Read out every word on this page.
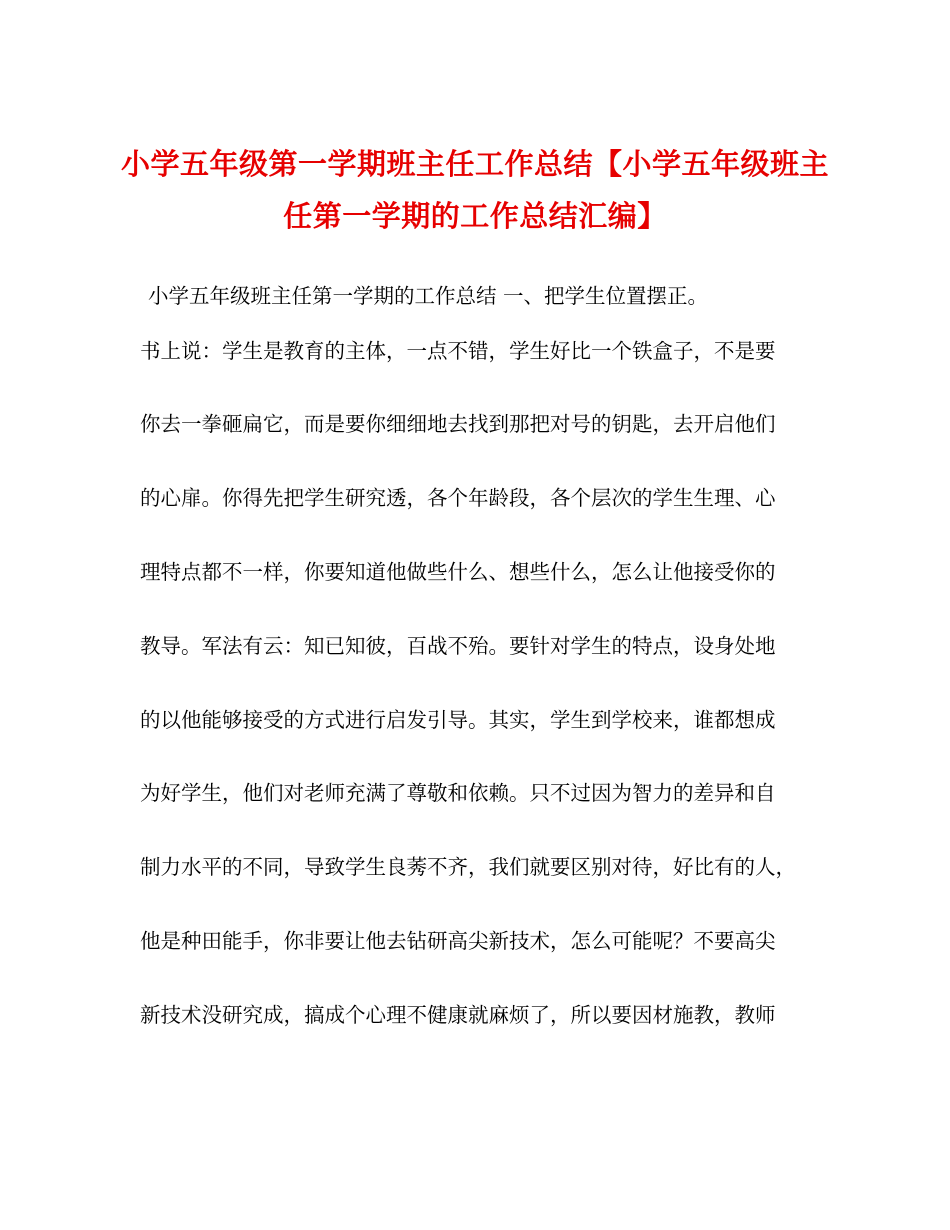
小学五年级第一学期班主任工作总结【小学五年级班主
任第一学期的工作总结汇编】
小学五年级班主任第一学期的工作总结 一、把学生位置摆正。
书上说：学生是教育的主体，一点不错，学生好比一个铁盒子，不是要
你去一拳砸扁它，而是要你细细地去找到那把对号的钥匙，去开启他们
的心扉。你得先把学生研究透，各个年龄段，各个层次的学生生理、心
理特点都不一样，你要知道他做些什么、想些什么，怎么让他接受你的
教导。军法有云：知已知彼，百战不殆。要针对学生的特点，设身处地
的以他能够接受的方式进行启发引导。其实，学生到学校来，谁都想成
为好学生，他们对老师充满了尊敬和依赖。只不过因为智力的差异和自
制力水平的不同，导致学生良莠不齐，我们就要区别对待，好比有的人，
他是种田能手，你非要让他去钻研高尖新技术，怎么可能呢？不要高尖
新技术没研究成，搞成个心理不健康就麻烦了，所以要因材施教，教师
